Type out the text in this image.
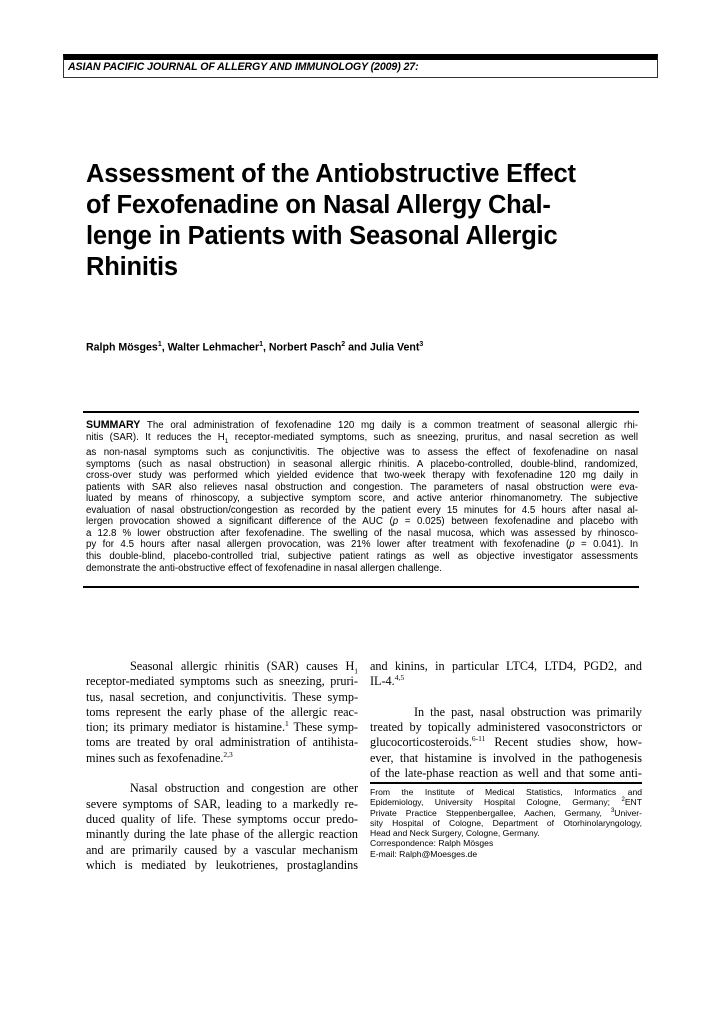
ASIAN PACIFIC JOURNAL OF ALLERGY AND IMMUNOLOGY (2009) 27:
Assessment of the Antiobstructive Effect
of Fexofenadine on Nasal Allergy Chal-
lenge in Patients with Seasonal Allergic
Rhinitis
Ralph Mösges$^1$, Walter Lehmacher$^1$, Norbert Pasch$^2$ and Julia Vent$^3$
SUMMARY The oral administration of fexofenadine 120 mg daily is a common treatment of seasonal allergic rhi-
nitis (SAR). It reduces the $H_1$ receptor-mediated symptoms, such as sneezing, pruritus, and nasal secretion as well
as non-nasal symptoms such as conjunctivitis. The objective was to assess the effect of fexofenadine on nasal
symptoms (such as nasal obstruction) in seasonal allergic rhinitis. A placebo-controlled, double-blind, randomized,
cross-over study was performed which yielded evidence that two-week therapy with fexofenadine 120 mg daily in
patients with SAR also relieves nasal obstruction and congestion. The parameters of nasal obstruction were eva-
luated by means of rhinoscopy, a subjective symptom score, and active anterior rhinomanometry. The subjective
evaluation of nasal obstruction/congestion as recorded by the patient every 15 minutes for 4.5 hours after nasal al-
lergen provocation showed a significant difference of the AUC (p = 0.025) between fexofenadine and placebo with
a 12.8 % lower obstruction after fexofenadine. The swelling of the nasal mucosa, which was assessed by rhinosco-
py for 4.5 hours after nasal allergen provocation, was 21% lower after treatment with fexofenadine (p = 0.041). In
this double-blind, placebo-controlled trial, subjective patient ratings as well as objective investigator assessments
demonstrate the anti-obstructive effect of fexofenadine in nasal allergen challenge.
Seasonal allergic rhinitis (SAR) causes $H_1$
receptor-mediated symptoms such as sneezing, pruri-
tus, nasal secretion, and conjunctivitis. These symp-
toms represent the early phase of the allergic reac-
tion; its primary mediator is histamine.$^1$ These symp-
toms are treated by oral administration of antihista-
mines such as fexofenadine.$^{2,3}$
Nasal obstruction and congestion are other
severe symptoms of SAR, leading to a markedly re-
duced quality of life. These symptoms occur predo-
minantly during the late phase of the allergic reaction
and are primarily caused by a vascular mechanism
which is mediated by leukotrienes, prostaglandins
and kinins, in particular LTC4, LTD4, PGD2, and
IL-4.$^{4,5}$
In the past, nasal obstruction was primarily
treated by topically administered vasoconstrictors or
glucocorticosteroids.$^{6-11}$ Recent studies show, how-
ever, that histamine is involved in the pathogenesis
of the late-phase reaction as well and that some anti-
From the Institute of Medical Statistics, Informatics and
Epidemiology, University Hospital Cologne, Germany; $^2$ENT
Private Practice Steppenbergallee, Aachen, Germany, $^3$Univer-
sity Hospital of Cologne, Department of Otorhinolaryngology,
Head and Neck Surgery, Cologne, Germany.
Correspondence: Ralph Mösges
E-mail: Ralph@Moesges.de
